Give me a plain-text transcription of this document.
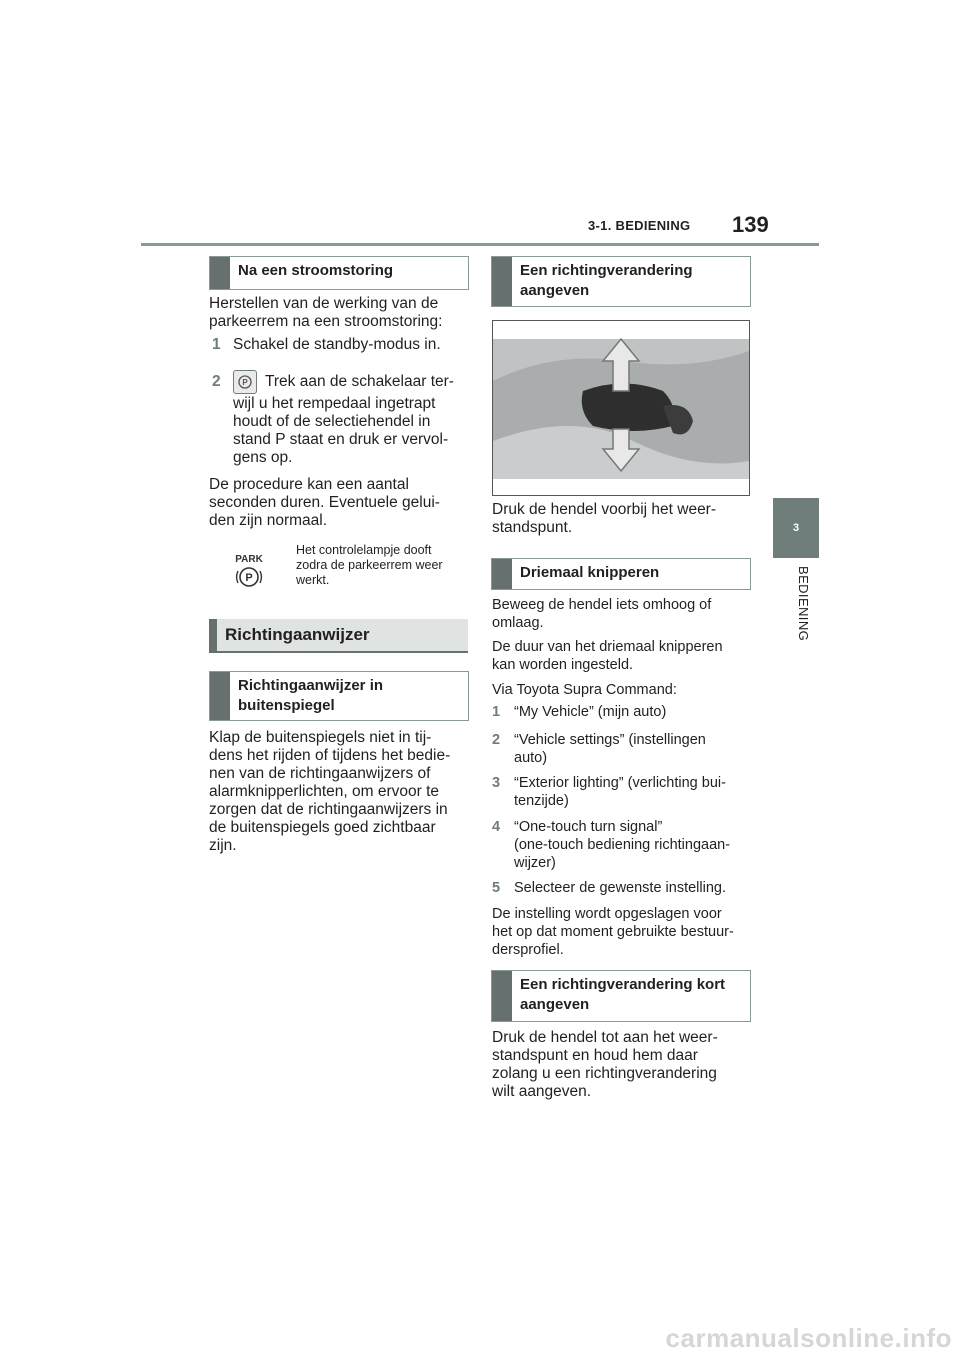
3-1. BEDIENING 139
3
BEDIENING
Na een stroomstoring
Herstellen van de werking van de parkeerrem na een stroomstoring:
1 Schakel de standby-modus in.
2	P Trek aan de schakelaar ter-
wijl u het rempedaal ingetrapt
houdt of de selectiehendel in
stand P staat en druk er vervol-
gens op.
De procedure kan een aantal
seconden duren. Eventuele gelui-
den zijn normaal.
PARK
P
Het controlelampje dooft
zodra de parkeerrem weer
werkt.
Richtingaanwijzer
Richtingaanwijzer in
buitenspiegel
Klap de buitenspiegels niet in tij-
dens het rijden of tijdens het bedie-
nen van de richtingaanwijzers of
alarmknipperlichten, om ervoor te
zorgen dat de richtingaanwijzers in
de buitenspiegels goed zichtbaar
zijn.
Een richtingverandering
aangeven
Druk de hendel voorbij het weer-
standspunt.
Driemaal knipperen
Beweeg de hendel iets omhoog of
omlaag.
De duur van het driemaal knipperen
kan worden ingesteld.
Via Toyota Supra Command:
1 “My Vehicle” (mijn auto)
2 “Vehicle settings” (instellingen
auto)
3 “Exterior lighting” (verlichting bui-
tenzijde)
4 “One-touch turn signal”
(one-touch bediening richtingaan-
wijzer)
5 Selecteer de gewenste instelling.
De instelling wordt opgeslagen voor
het op dat moment gebruikte bestuur-
dersprofiel.
Een richtingverandering kort
aangeven
Druk de hendel tot aan het weer-
standspunt en houd hem daar
zolang u een richtingverandering
wilt aangeven.
carmanualsonline.info
